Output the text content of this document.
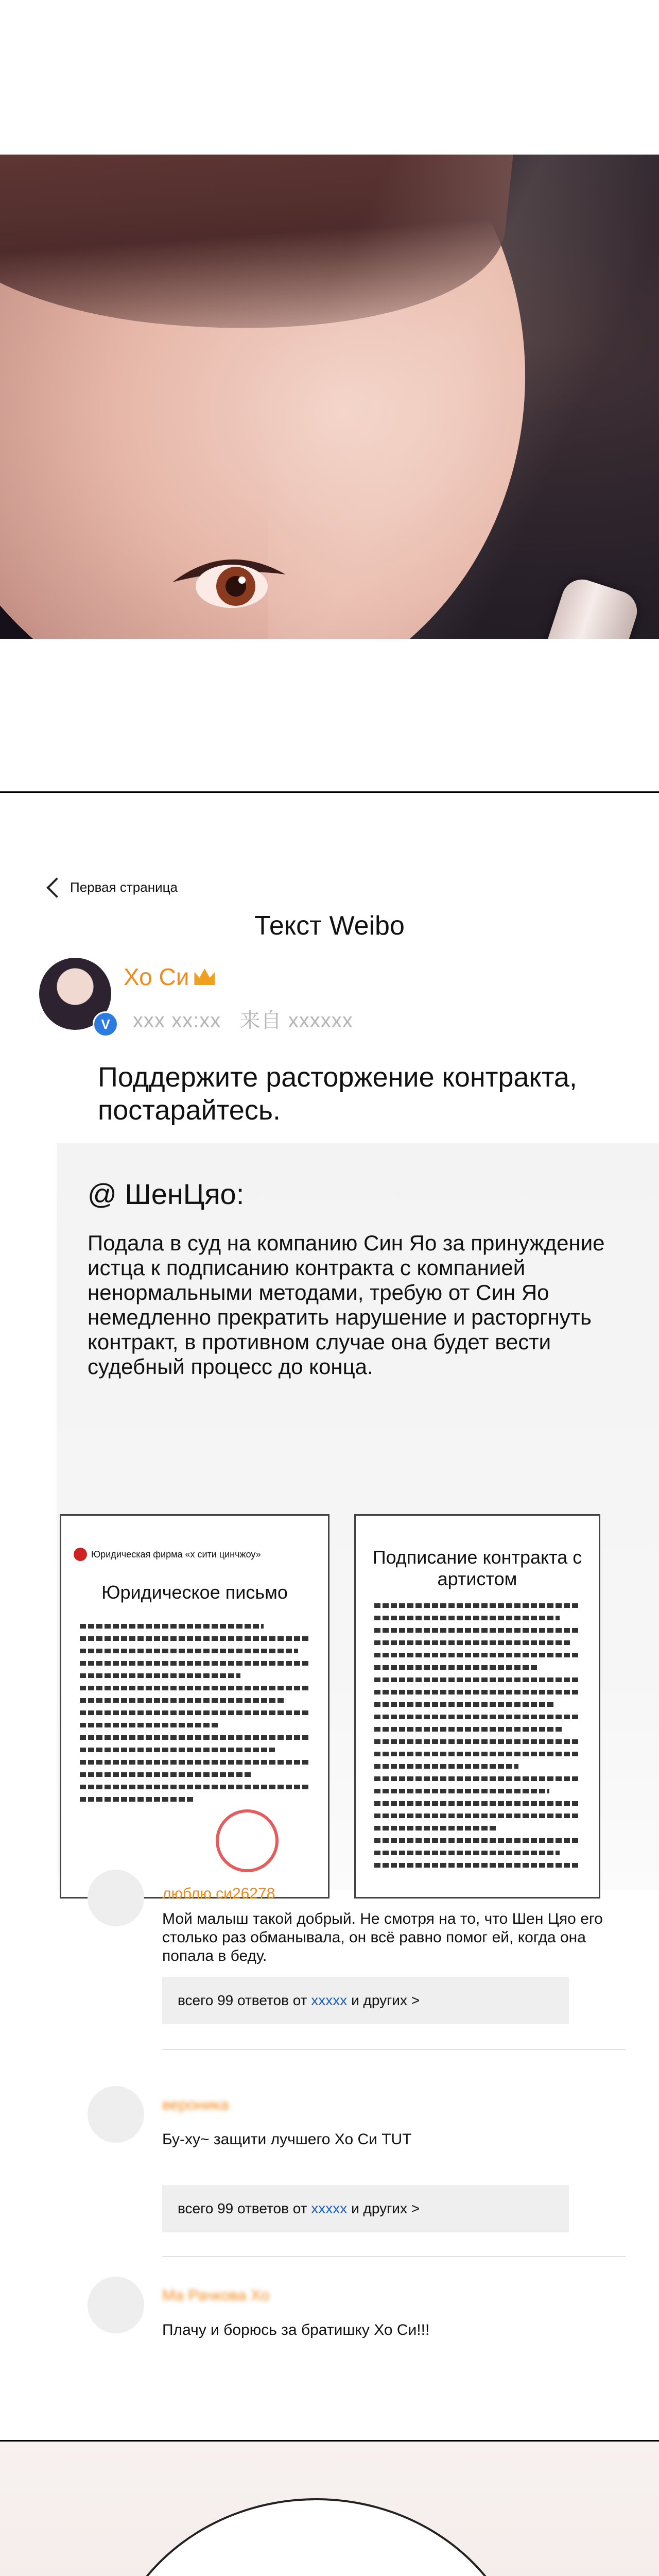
Первая страница
Текст Weibo
V
Хо Си
xxx xx:xx 来自 xxxxxx
Поддержите расторжение контракта, постарайтесь.
@ ШенЦяо:
Подала в суд на компанию Син Яо за принуждение истца к подписанию контракта с компанией ненормальными методами, требую от Син Яо немедленно прекратить нарушение и расторгнуть контракт, в противном случае она будет вести судебный процесс до конца.
Юридическая фирма «x сити цинчжоу»
Юридическое письмо
Подписание контракта с артистом
люблю си26278
Мой малыш такой добрый. Не смотря на то, что Шен Цяо его столько раз обманывала, он всё равно помог ей, когда она попала в беду.
всего 99 ответов от xxxxx и других >
вероника
Бу-ху~ защити лучшего Хо Си TUT
всего 99 ответов от xxxxx и других >
Ма Рачкова Хо
Плачу и борюсь за братишку Хо Си!!!
